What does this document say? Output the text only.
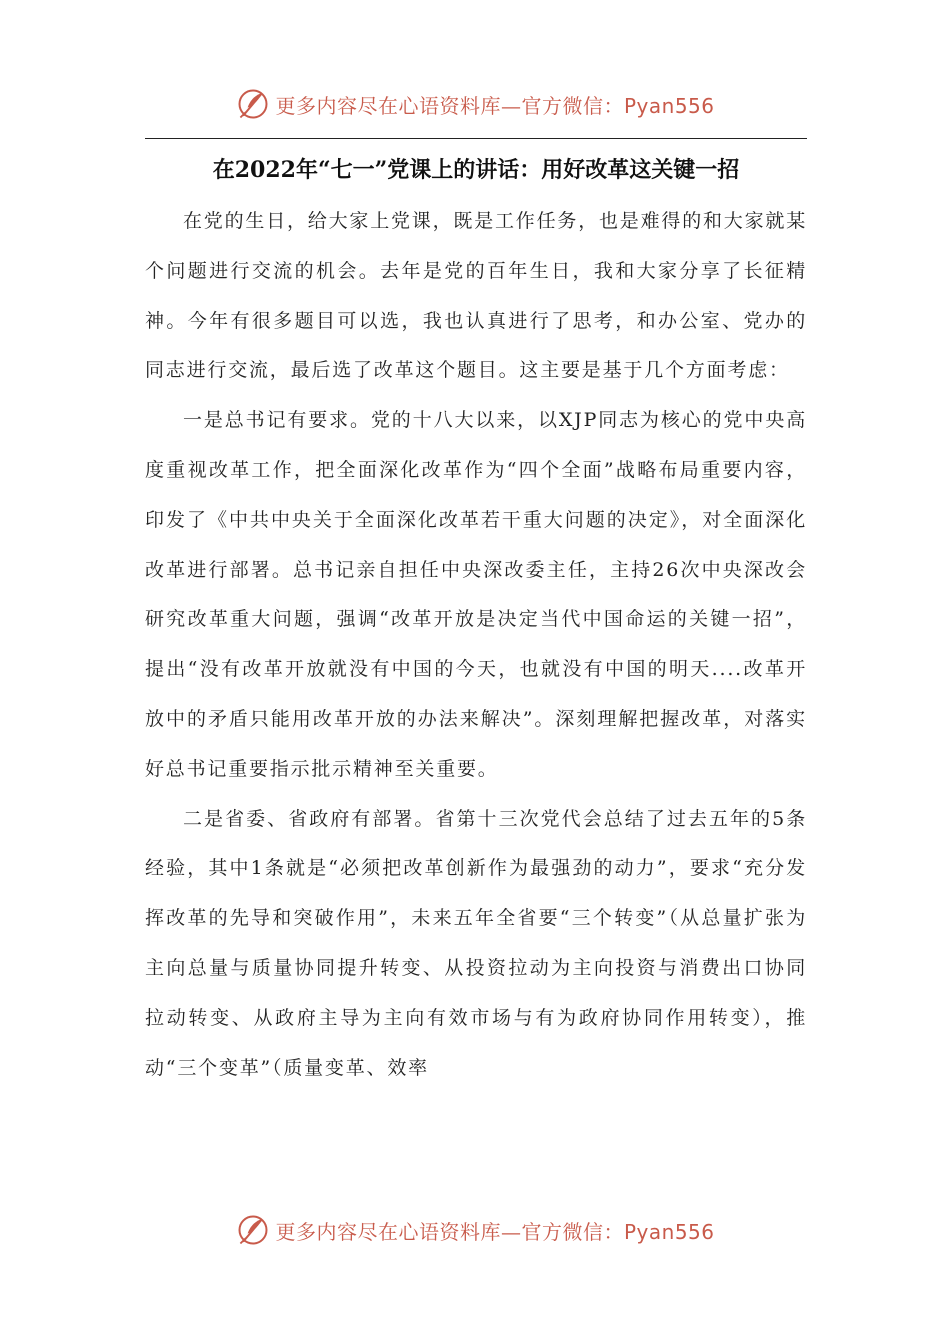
更多内容尽在心语资料库—官方微信：Pyan556
在2022年“七一”党课上的讲话：用好改革这关键一招

在党的生日，给大家上党课，既是工作任务，也是难得的和大家就某个问题进行交流的机会。去年是党的百年生日，我和大家分享了长征精神。今年有很多题目可以选，我也认真进行了思考，和办公室、党办的同志进行交流，最后选了改革这个题目。这主要是基于几个方面考虑：

一是总书记有要求。党的十八大以来，以XJP同志为核心的党中央高度重视改革工作，把全面深化改革作为“四个全面”战略布局重要内容，印发了《中共中央关于全面深化改革若干重大问题的决定》，对全面深化改革进行部署。总书记亲自担任中央深改委主任，主持26次中央深改会研究改革重大问题，强调“改革开放是决定当代中国命运的关键一招”，提出“没有改革开放就没有中国的今天，也就没有中国的明天....改革开放中的矛盾只能用改革开放的办法来解决”。深刻理解把握改革，对落实好总书记重要指示批示精神至关重要。

二是省委、省政府有部署。省第十三次党代会总结了过去五年的5条经验，其中1条就是“必须把改革创新作为最强劲的动力”，要求“充分发挥改革的先导和突破作用”，未来五年全省要“三个转变”（从总量扩张为主向总量与质量协同提升转变、从投资拉动为主向投资与消费出口协同拉动转变、从政府主导为主向有效市场与有为政府协同作用转变），推动“三个变革”（质量变革、效率

更多内容尽在心语资料库—官方微信：Pyan556
